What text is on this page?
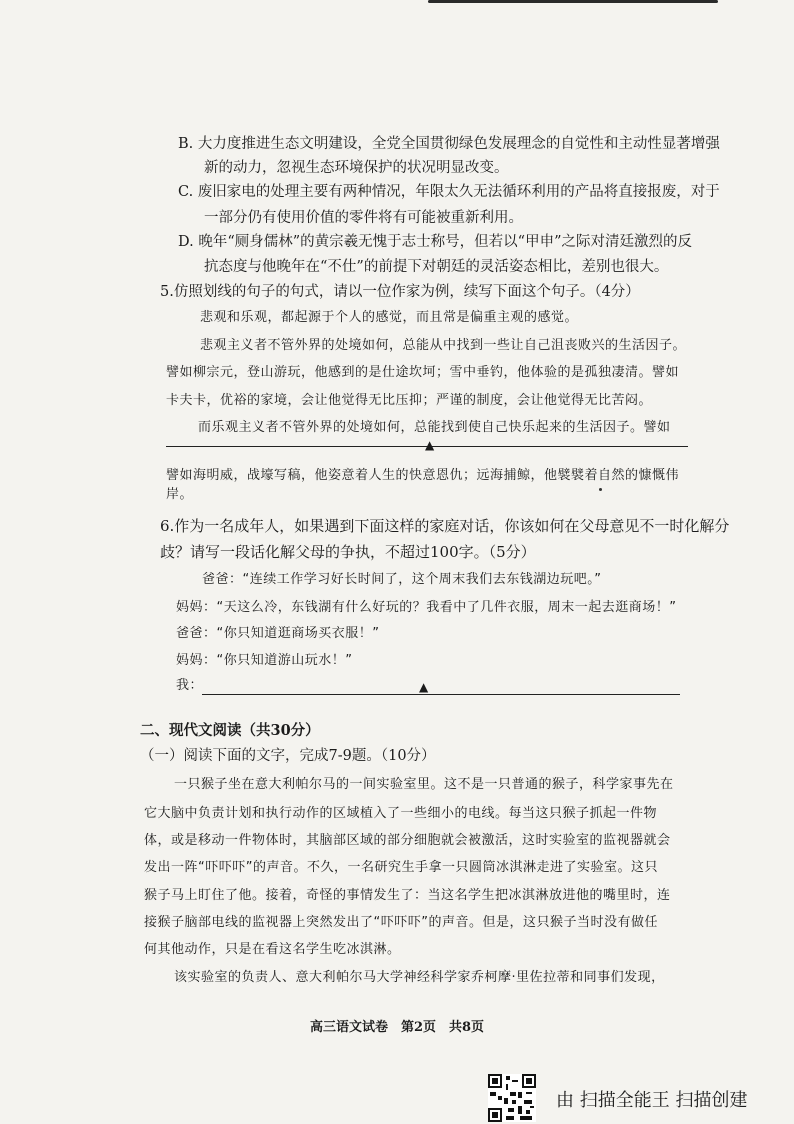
B. 大力度推进生态文明建设，全党全国贯彻绿色发展理念的自觉性和主动性显著增强
新的动力，忽视生态环境保护的状况明显改变。
C. 废旧家电的处理主要有两种情况，年限太久无法循环利用的产品将直接报废，对于
一部分仍有使用价值的零件将有可能被重新利用。
D. 晚年“厕身儒林”的黄宗羲无愧于志士称号，但若以“甲申”之际对清廷激烈的反
抗态度与他晚年在“不仕”的前提下对朝廷的灵活姿态相比，差别也很大。
5.仿照划线的句子的句式，请以一位作家为例，续写下面这个句子。（4分）
悲观和乐观，都起源于个人的感觉，而且常是偏重主观的感觉。
悲观主义者不管外界的处境如何，总能从中找到一些让自己沮丧败兴的生活因子。
譬如柳宗元，登山游玩，他感到的是仕途坎坷；雪中垂钓，他体验的是孤独凄清。譬如
卡夫卡，优裕的家境，会让他觉得无比压抑；严谨的制度，会让他觉得无比苦闷。
而乐观主义者不管外界的处境如何，总能找到使自己快乐起来的生活因子。譬如
▲
譬如海明威，战壕写稿，他姿意着人生的快意恩仇；远海捕鲸，他襞襞着自然的慷慨伟
岸。
6.作为一名成年人，如果遇到下面这样的家庭对话，你该如何在父母意见不一时化解分
歧？请写一段话化解父母的争执，不超过100字。（5分）
爸爸：“连续工作学习好长时间了，这个周末我们去东钱湖边玩吧。”
妈妈：“天这么冷，东钱湖有什么好玩的？我看中了几件衣服，周末一起去逛商场！”
爸爸：“你只知道逛商场买衣服！”
妈妈：“你只知道游山玩水！”
我：	▲
二、现代文阅读（共30分）
（一）阅读下面的文字，完成7-9题。（10分）
一只猴子坐在意大利帕尔马的一间实验室里。这不是一只普通的猴子，科学家事先在
它大脑中负责计划和执行动作的区域植入了一些细小的电线。每当这只猴子抓起一件物
体，或是移动一件物体时，其脑部区域的部分细胞就会被激活，这时实验室的监视器就会
发出一阵“吓吓吓”的声音。不久，一名研究生手拿一只圆筒冰淇淋走进了实验室。这只
猴子马上盯住了他。接着，奇怪的事情发生了：当这名学生把冰淇淋放进他的嘴里时，连
接猴子脑部电线的监视器上突然发出了“吓吓吓”的声音。但是，这只猴子当时没有做任
何其他动作，只是在看这名学生吃冰淇淋。
该实验室的负责人、意大利帕尔马大学神经科学家乔柯摩·里佐拉蒂和同事们发现，
高三语文试卷　第2页　共8页
由 扫描全能王 扫描创建
